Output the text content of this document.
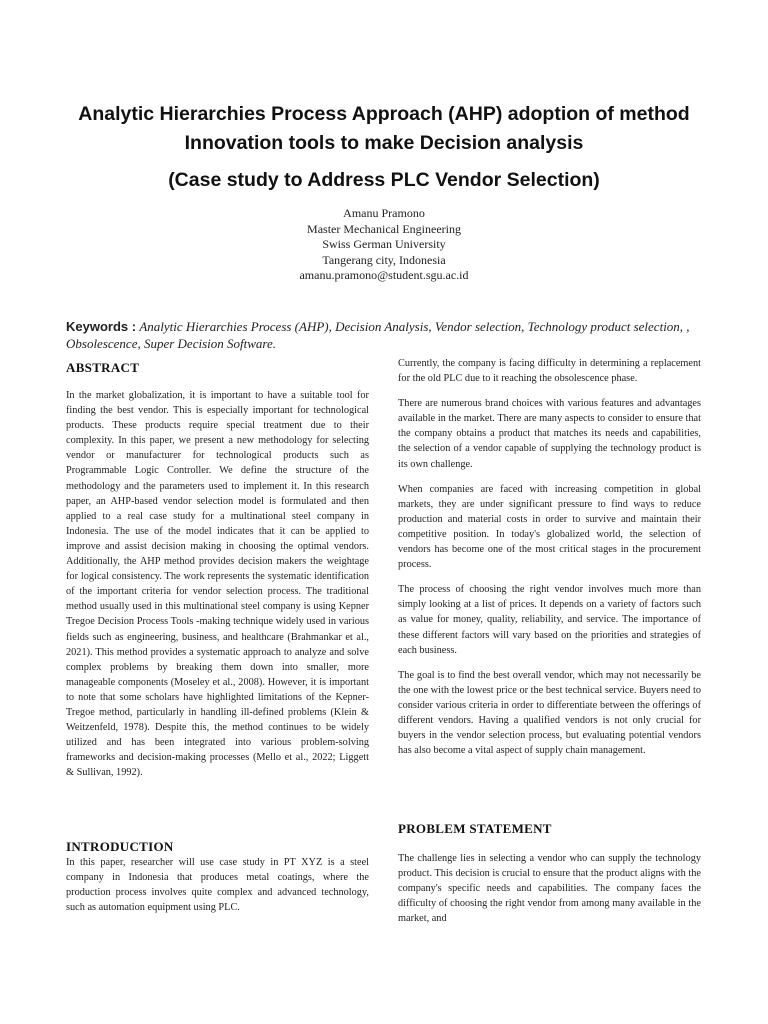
Analytic Hierarchies Process Approach (AHP) adoption of method
Innovation tools to make Decision analysis
(Case study to Address PLC Vendor Selection)
Amanu Pramono
Master Mechanical Engineering
Swiss German University
Tangerang city, Indonesia
amanu.pramono@student.sgu.ac.id
Keywords : Analytic Hierarchies Process (AHP), Decision Analysis, Vendor selection, Technology product selection, , Obsolescence, Super Decision Software.
ABSTRACT

In the market globalization, it is important to have a suitable tool for finding the best vendor. This is especially important for technological products. These products require special treatment due to their complexity. In this paper, we present a new methodology for selecting vendor or manufacturer for technological products such as Programmable Logic Controller. We define the structure of the methodology and the parameters used to implement it. In this research paper, an AHP-based vendor selection model is formulated and then applied to a real case study for a multinational steel company in Indonesia. The use of the model indicates that it can be applied to improve and assist decision making in choosing the optimal vendors. Additionally, the AHP method provides decision makers the weightage for logical consistency. The work represents the systematic identification of the important criteria for vendor selection process. The traditional method usually used in this multinational steel company is using Kepner Tregoe Decision Process Tools -making technique widely used in various fields such as engineering, business, and healthcare (Brahmankar et al., 2021). This method provides a systematic approach to analyze and solve complex problems by breaking them down into smaller, more manageable components (Moseley et al., 2008). However, it is important to note that some scholars have highlighted limitations of the Kepner-Tregoe method, particularly in handling ill-defined problems (Klein & Weitzenfeld, 1978). Despite this, the method continues to be widely utilized and has been integrated into various problem-solving frameworks and decision-making processes (Mello et al., 2022; Liggett & Sullivan, 1992).

INTRODUCTION

In this paper, researcher will use case study in PT XYZ is a steel company in Indonesia that produces metal coatings, where the production process involves quite complex and advanced technology, such as automation equipment using PLC.

Currently, the company is facing difficulty in determining a replacement for the old PLC due to it reaching the obsolescence phase.

There are numerous brand choices with various features and advantages available in the market. There are many aspects to consider to ensure that the company obtains a product that matches its needs and capabilities, the selection of a vendor capable of supplying the technology product is its own challenge.

When companies are faced with increasing competition in global markets, they are under significant pressure to find ways to reduce production and material costs in order to survive and maintain their competitive position. In today's globalized world, the selection of vendors has become one of the most critical stages in the procurement process.

The process of choosing the right vendor involves much more than simply looking at a list of prices. It depends on a variety of factors such as value for money, quality, reliability, and service. The importance of these different factors will vary based on the priorities and strategies of each business.

The goal is to find the best overall vendor, which may not necessarily be the one with the lowest price or the best technical service. Buyers need to consider various criteria in order to differentiate between the offerings of different vendors. Having a qualified vendors is not only crucial for buyers in the vendor selection process, but evaluating potential vendors has also become a vital aspect of supply chain management.

PROBLEM STATEMENT

The challenge lies in selecting a vendor who can supply the technology product. This decision is crucial to ensure that the product aligns with the company's specific needs and capabilities. The company faces the difficulty of choosing the right vendor from among many available in the market, and
